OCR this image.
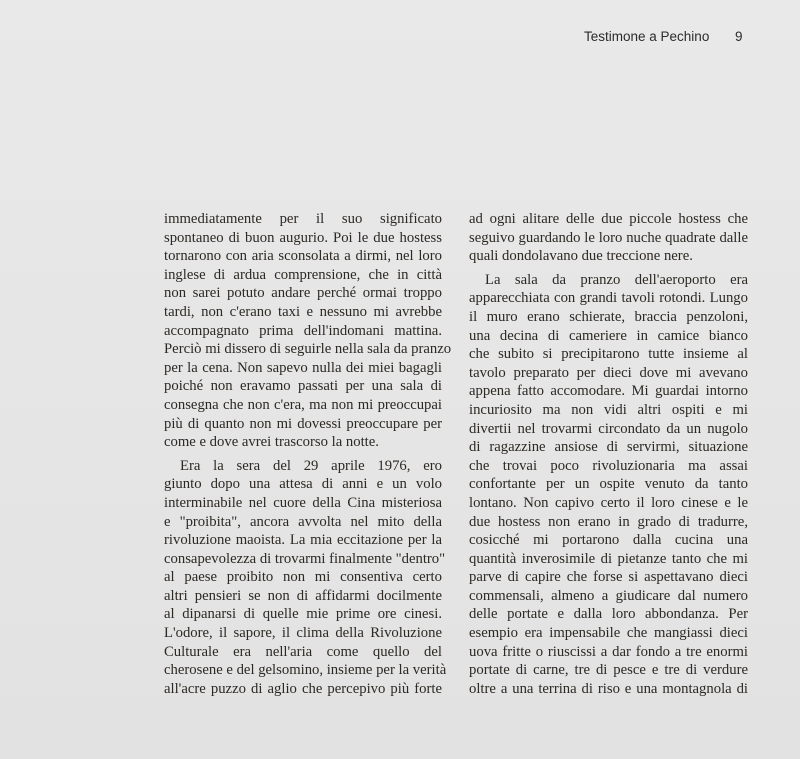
Testimone a Pechino 9
immediatamente per il suo significato
spontaneo di buon augurio. Poi le due hostess
tornarono con aria sconsolata a dirmi, nel loro
inglese di ardua comprensione, che in città
non sarei potuto andare perché ormai troppo
tardi, non c'erano taxi e nessuno mi avrebbe
accompagnato prima dell'indomani mattina.
Perciò mi dissero di seguirle nella sala da pranzo
per la cena. Non sapevo nulla dei miei bagagli
poiché non eravamo passati per una sala di
consegna che non c'era, ma non mi preoccupai
più di quanto non mi dovessi preoccupare per
come e dove avrei trascorso la notte.
Era la sera del 29 aprile 1976, ero
giunto dopo una attesa di anni e un volo
interminabile nel cuore della Cina misteriosa
e "proibita", ancora avvolta nel mito della
rivoluzione maoista. La mia eccitazione per la
consapevolezza di trovarmi finalmente "dentro"
al paese proibito non mi consentiva certo
altri pensieri se non di affidarmi docilmente
al dipanarsi di quelle mie prime ore cinesi.
L'odore, il sapore, il clima della Rivoluzione
Culturale era nell'aria come quello del
cherosene e del gelsomino, insieme per la verità
all'acre puzzo di aglio che percepivo più forte
ad ogni alitare delle due piccole hostess che
seguivo guardando le loro nuche quadrate dalle
quali dondolavano due treccione nere.
La sala da pranzo dell'aeroporto era
apparecchiata con grandi tavoli rotondi. Lungo
il muro erano schierate, braccia penzoloni,
una decina di cameriere in camice bianco
che subito si precipitarono tutte insieme al
tavolo preparato per dieci dove mi avevano
appena fatto accomodare. Mi guardai intorno
incuriosito ma non vidi altri ospiti e mi
divertii nel trovarmi circondato da un nugolo
di ragazzine ansiose di servirmi, situazione
che trovai poco rivoluzionaria ma assai
confortante per un ospite venuto da tanto
lontano. Non capivo certo il loro cinese e le
due hostess non erano in grado di tradurre,
cosicché mi portarono dalla cucina una
quantità inverosimile di pietanze tanto che mi
parve di capire che forse si aspettavano dieci
commensali, almeno a giudicare dal numero
delle portate e dalla loro abbondanza. Per
esempio era impensabile che mangiassi dieci
uova fritte o riuscissi a dar fondo a tre enormi
portate di carne, tre di pesce e tre di verdure
oltre a una terrina di riso e una montagnola di
